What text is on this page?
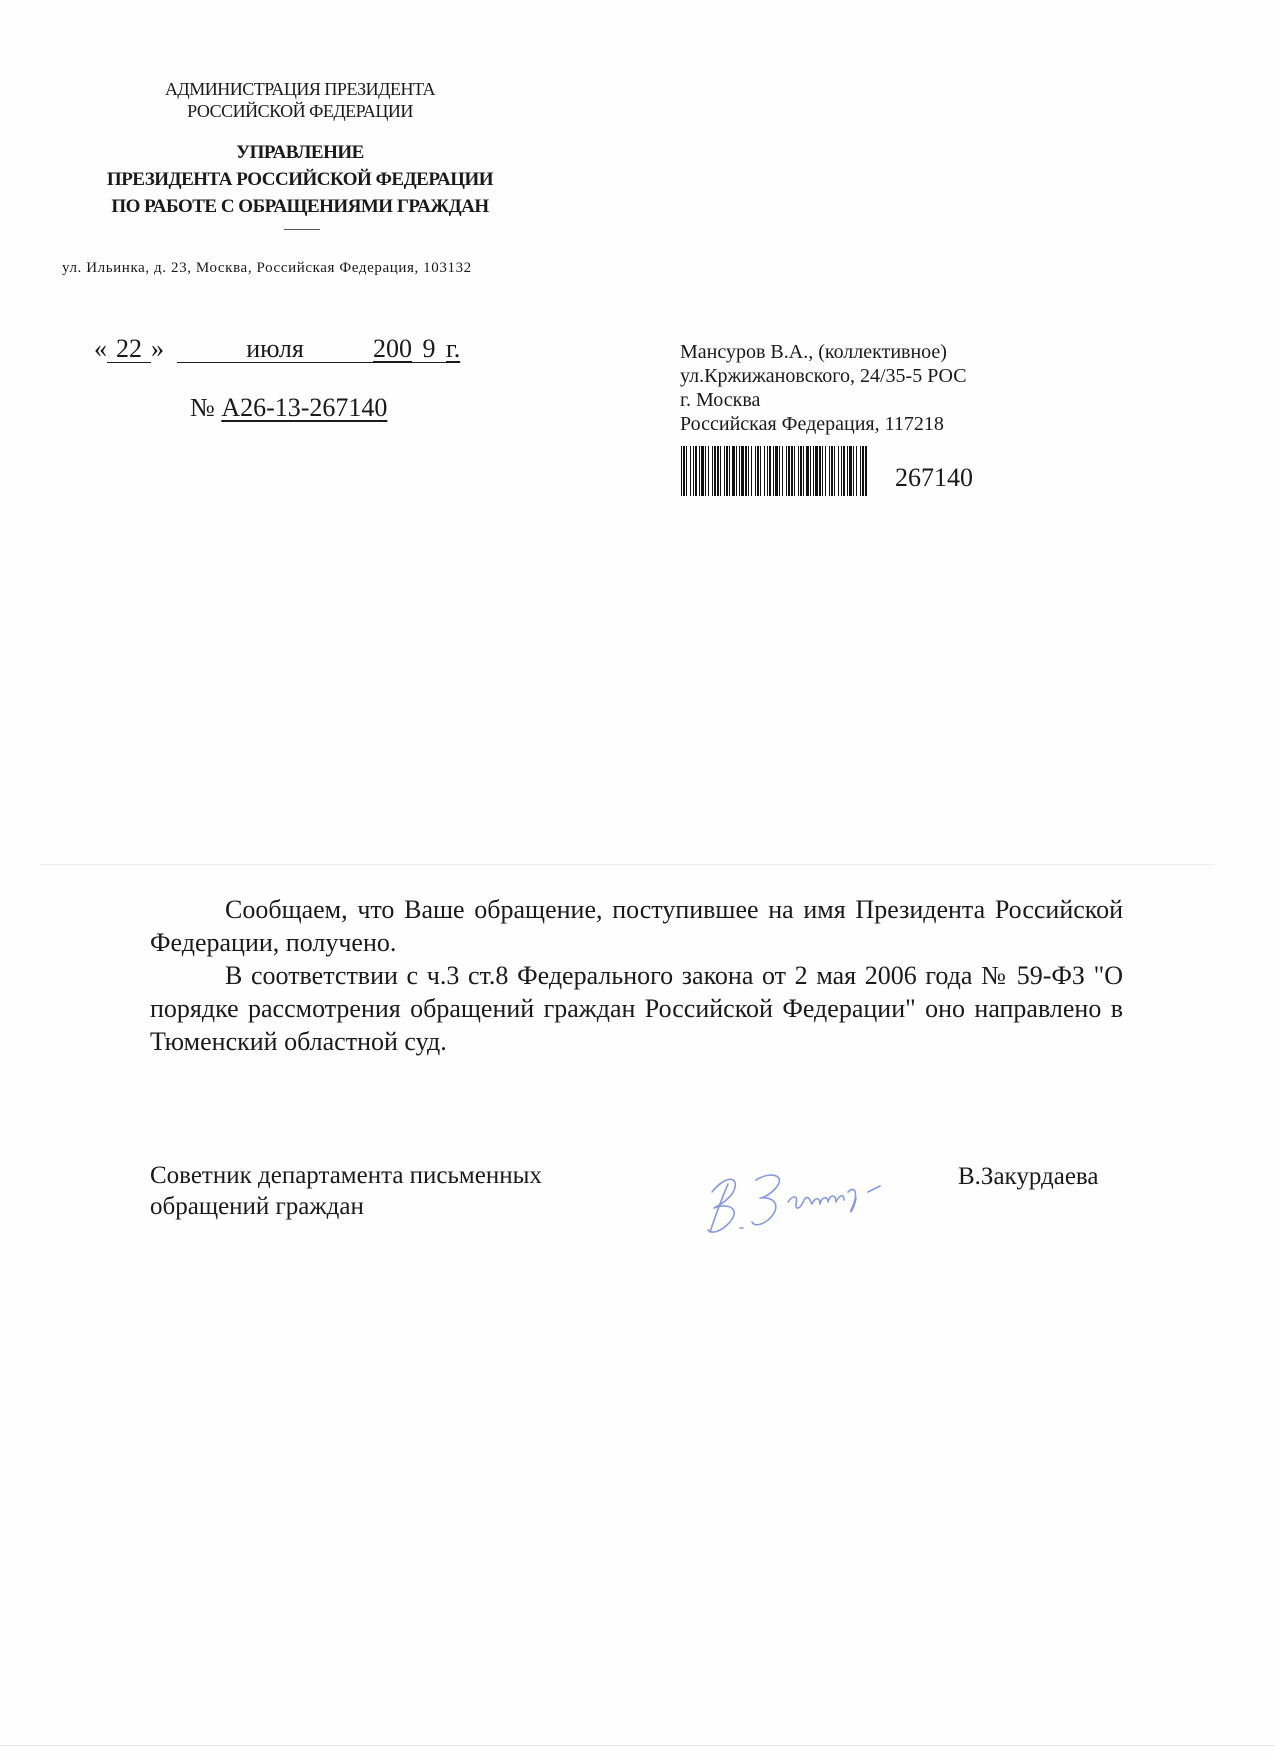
АДМИНИСТРАЦИЯ ПРЕЗИДЕНТА
РОССИЙСКОЙ ФЕДЕРАЦИИ
УПРАВЛЕНИЕ
ПРЕЗИДЕНТА РОССИЙСКОЙ ФЕДЕРАЦИИ
ПО РАБОТЕ С ОБРАЩЕНИЯМИ ГРАЖДАН
ул. Ильинка, д. 23, Москва, Российская Федерация, 103132
« 22 »	июля	200 9 г.
№ А26-13-267140
Мансуров В.А., (коллективное)
ул.Кржижановского, 24/35-5 РОС
г. Москва
Российская Федерация, 117218
267140

Сообщаем, что Ваше обращение, поступившее на имя Президента Российской Федерации, получено.

В соответствии с ч.3 ст.8 Федерального закона от 2 мая 2006 года № 59-ФЗ "О порядке рассмотрения обращений граждан Российской Федерации" оно направлено в Тюменский областной суд.

Советник департамента письменных
обращений граждан
В.Закурдаева
